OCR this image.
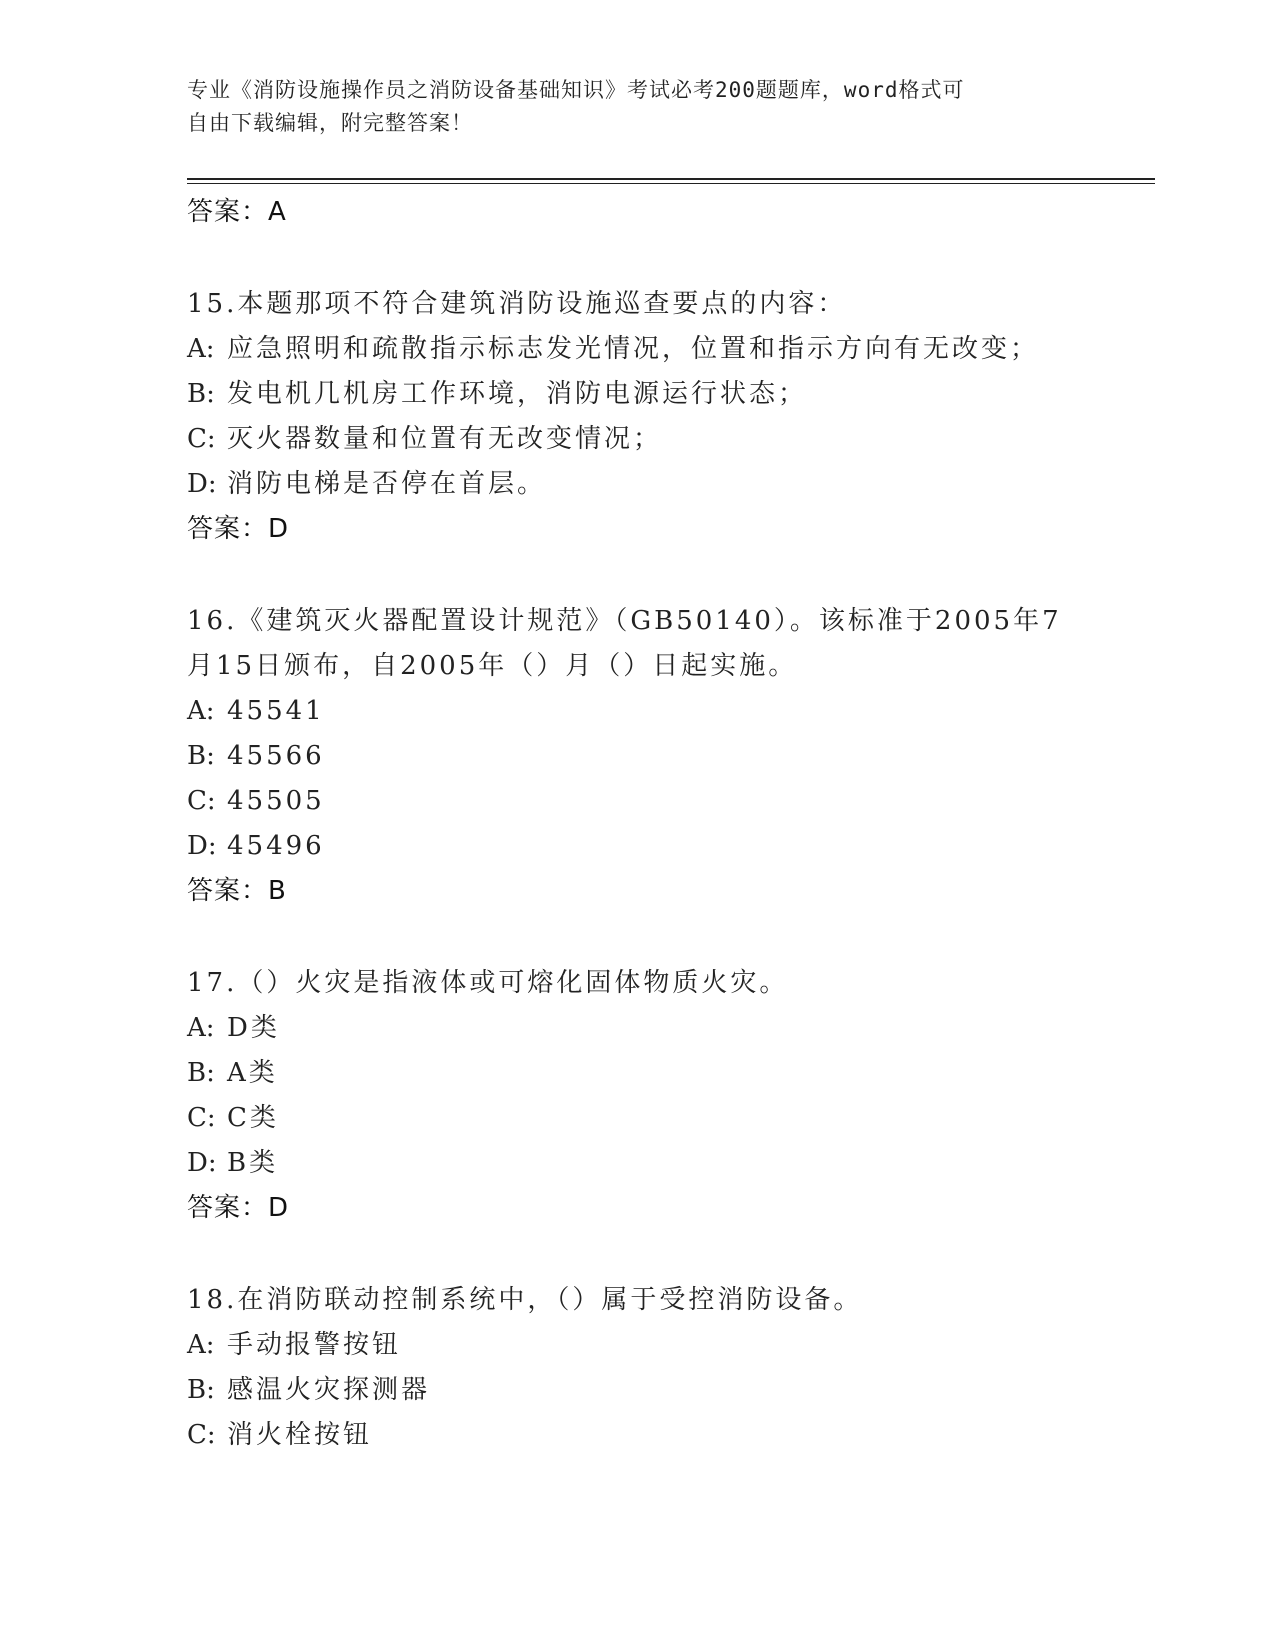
专业《消防设施操作员之消防设备基础知识》考试必考200题题库，word格式可
自由下载编辑，附完整答案！
答案：A

15.本题那项不符合建筑消防设施巡查要点的内容：

A: 应急照明和疏散指示标志发光情况，位置和指示方向有无改变；
B: 发电机几机房工作环境，消防电源运行状态；
C: 灭火器数量和位置有无改变情况；
D: 消防电梯是否停在首层。
答案：D

16.《建筑灭火器配置设计规范》（GB50140）。该标准于2005年7月15日颁布，自2005年（）月（）日起实施。

A: 45541
B: 45566
C: 45505
D: 45496
答案：B

17.（）火灾是指液体或可熔化固体物质火灾。

A: D类
B: A类
C: C类
D: B类
答案：D

18.在消防联动控制系统中，（）属于受控消防设备。

A: 手动报警按钮
B: 感温火灾探测器
C: 消火栓按钮
